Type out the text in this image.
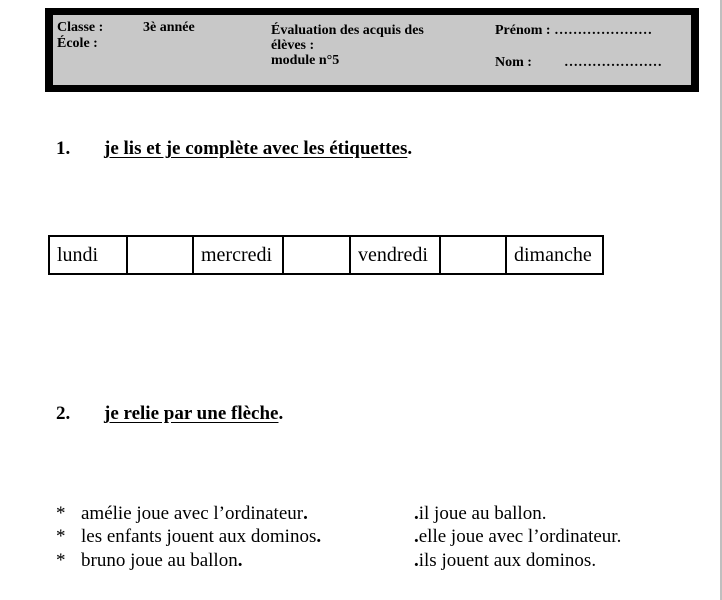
Classe :	3è année
École :
Évaluation des acquis des
élèves :
module n°5
Prénom : …………………
Nom : …………………
1. je lis et je complète avec les étiquettes.
lundi		mercredi		vendredi		dimanche
2. je relie par une flèche.
* amélie joue avec l’ordinateur.	.il joue au ballon.
* les enfants jouent aux dominos.	.elle joue avec l’ordinateur.
* bruno joue au ballon.	.ils jouent aux dominos.
